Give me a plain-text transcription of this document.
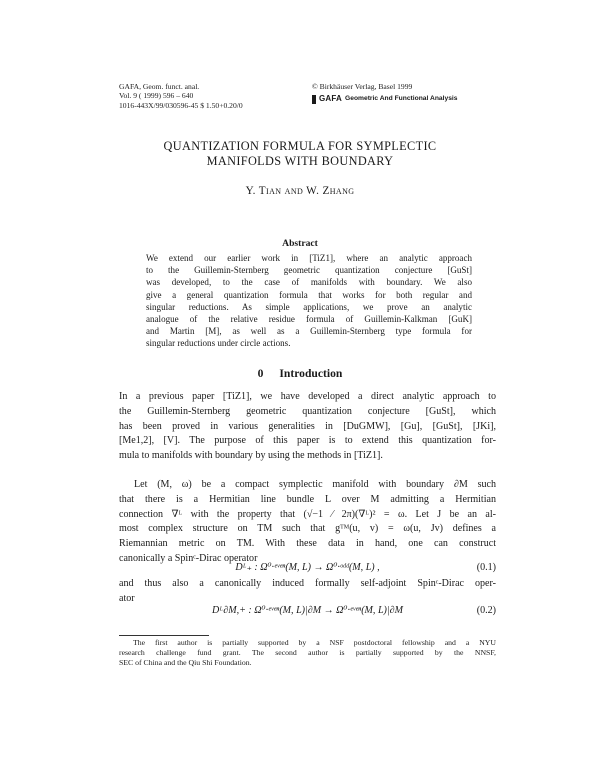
GAFA, Geom. funct. anal.
Vol. 9 ( 1999) 596 – 640
1016-443X/99/030596-45 $ 1.50+0.20/0
© Birkhäuser Verlag, Basel 1999
GAFA Geometric And Functional Analysis
QUANTIZATION FORMULA FOR SYMPLECTIC
MANIFOLDS WITH BOUNDARY
Y. Tian and W. Zhang
Abstract

We extend our earlier work in [TiZ1], where an analytic approach
to the Guillemin-Sternberg geometric quantization conjecture [GuSt]
was developed, to the case of manifolds with boundary. We also
give a general quantization formula that works for both regular and
singular reductions. As simple applications, we prove an analytic
analogue of the relative residue formula of Guillemin-Kalkman [GuK]
and Martin [M], as well as a Guillemin-Sternberg type formula for
singular reductions under circle actions.

0 Introduction

In a previous paper [TiZ1], we have developed a direct analytic approach to
the Guillemin-Sternberg geometric quantization conjecture [GuSt], which
has been proved in various generalities in [DuGMW], [Gu], [GuSt], [JKi],
[Me1,2], [V]. The purpose of this paper is to extend this quantization for-
mula to manifolds with boundary by using the methods in [TiZ1].

Let (M, ω) be a compact symplectic manifold with boundary ∂M such
that there is a Hermitian line bundle L over M admitting a Hermitian
connection ∇ᴸ with the property that (√−1 ⁄ 2π)(∇ᴸ)² = ω. Let J be an al-
most complex structure on TM such that gᵀᴹ(u, v) = ω(u, Jv) defines a
Riemannian metric on TM. With these data in hand, one can construct
canonically a Spinᶜ-Dirac operator

Dᴸ₊ : Ω⁰·ᵉᵛᵉⁿ(M, L) → Ω⁰·ᵒᵈᵈ(M, L) ,	(0.1)

and thus also a canonically induced formally self-adjoint Spinᶜ-Dirac oper-
ator

Dᴸ∂M,+ : Ω⁰·ᵉᵛᵉⁿ(M, L)|∂M → Ω⁰·ᵉᵛᵉⁿ(M, L)|∂M	(0.2)

The first author is partially supported by a NSF postdoctoral fellowship and a NYU
research challenge fund grant. The second author is partially supported by the NNSF,
SEC of China and the Qiu Shi Foundation.
